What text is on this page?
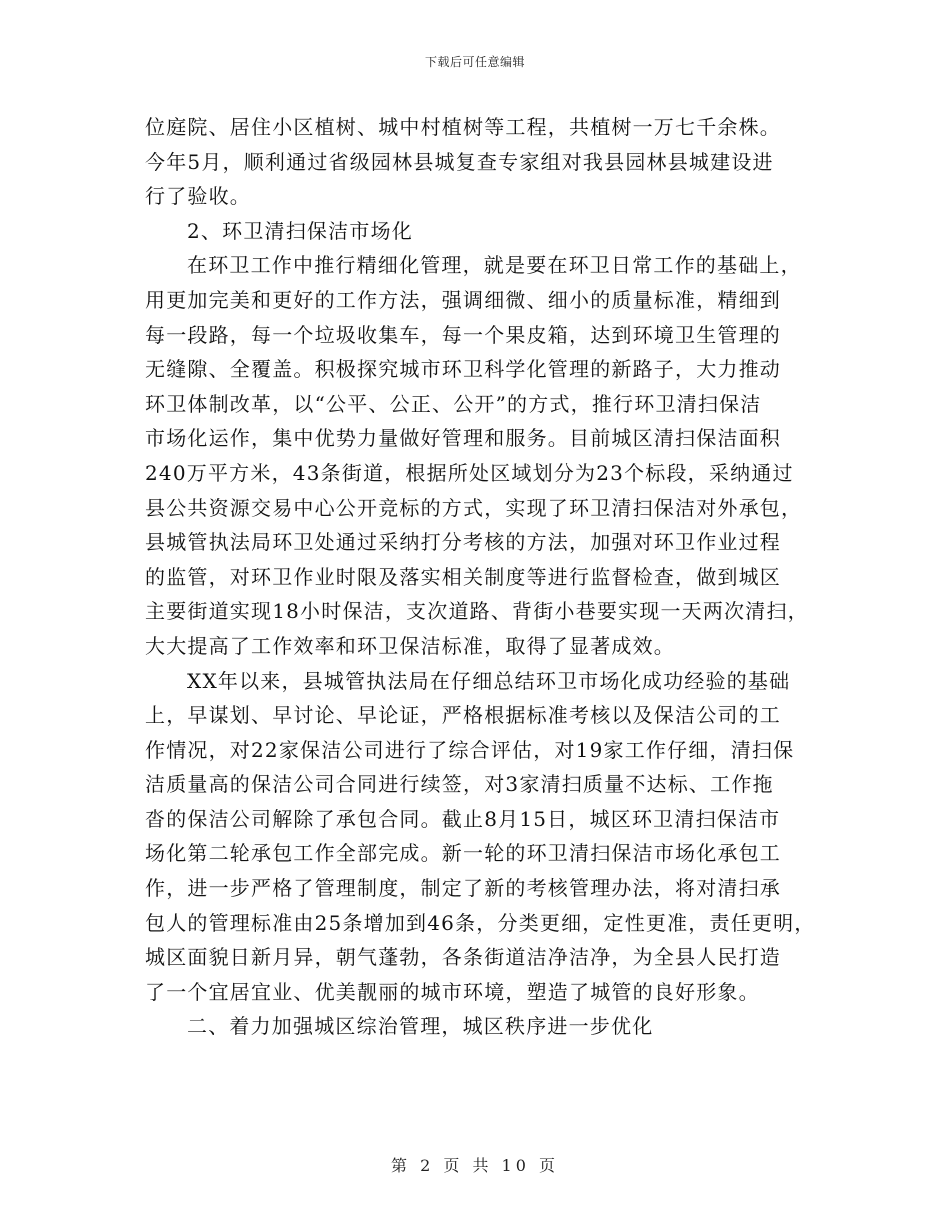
下载后可任意编辑
位庭院、居住小区植树、城中村植树等工程，共植树一万七千余株。
今年5月，顺利通过省级园林县城复查专家组对我县园林县城建设进
行了验收。
2、环卫清扫保洁市场化
在环卫工作中推行精细化管理，就是要在环卫日常工作的基础上，
用更加完美和更好的工作方法，强调细微、细小的质量标准，精细到
每一段路，每一个垃圾收集车，每一个果皮箱，达到环境卫生管理的
无缝隙、全覆盖。积极探究城市环卫科学化管理的新路子，大力推动
环卫体制改革，以“公平、公正、公开”的方式，推行环卫清扫保洁
市场化运作，集中优势力量做好管理和服务。目前城区清扫保洁面积
240万平方米，43条街道，根据所处区域划分为23个标段，采纳通过
县公共资源交易中心公开竞标的方式，实现了环卫清扫保洁对外承包，
县城管执法局环卫处通过采纳打分考核的方法，加强对环卫作业过程
的监管，对环卫作业时限及落实相关制度等进行监督检查，做到城区
主要街道实现18小时保洁，支次道路、背街小巷要实现一天两次清扫，
大大提高了工作效率和环卫保洁标准，取得了显著成效。
XX年以来，县城管执法局在仔细总结环卫市场化成功经验的基础
上，早谋划、早讨论、早论证，严格根据标准考核以及保洁公司的工
作情况，对22家保洁公司进行了综合评估，对19家工作仔细，清扫保
洁质量高的保洁公司合同进行续签，对3家清扫质量不达标、工作拖
沓的保洁公司解除了承包合同。截止8月15日，城区环卫清扫保洁市
场化第二轮承包工作全部完成。新一轮的环卫清扫保洁市场化承包工
作，进一步严格了管理制度，制定了新的考核管理办法，将对清扫承
包人的管理标准由25条增加到46条，分类更细，定性更准，责任更明，
城区面貌日新月异，朝气蓬勃，各条街道洁净洁净，为全县人民打造
了一个宜居宜业、优美靓丽的城市环境，塑造了城管的良好形象。
二、着力加强城区综治管理，城区秩序进一步优化
第 2 页 共 10 页
